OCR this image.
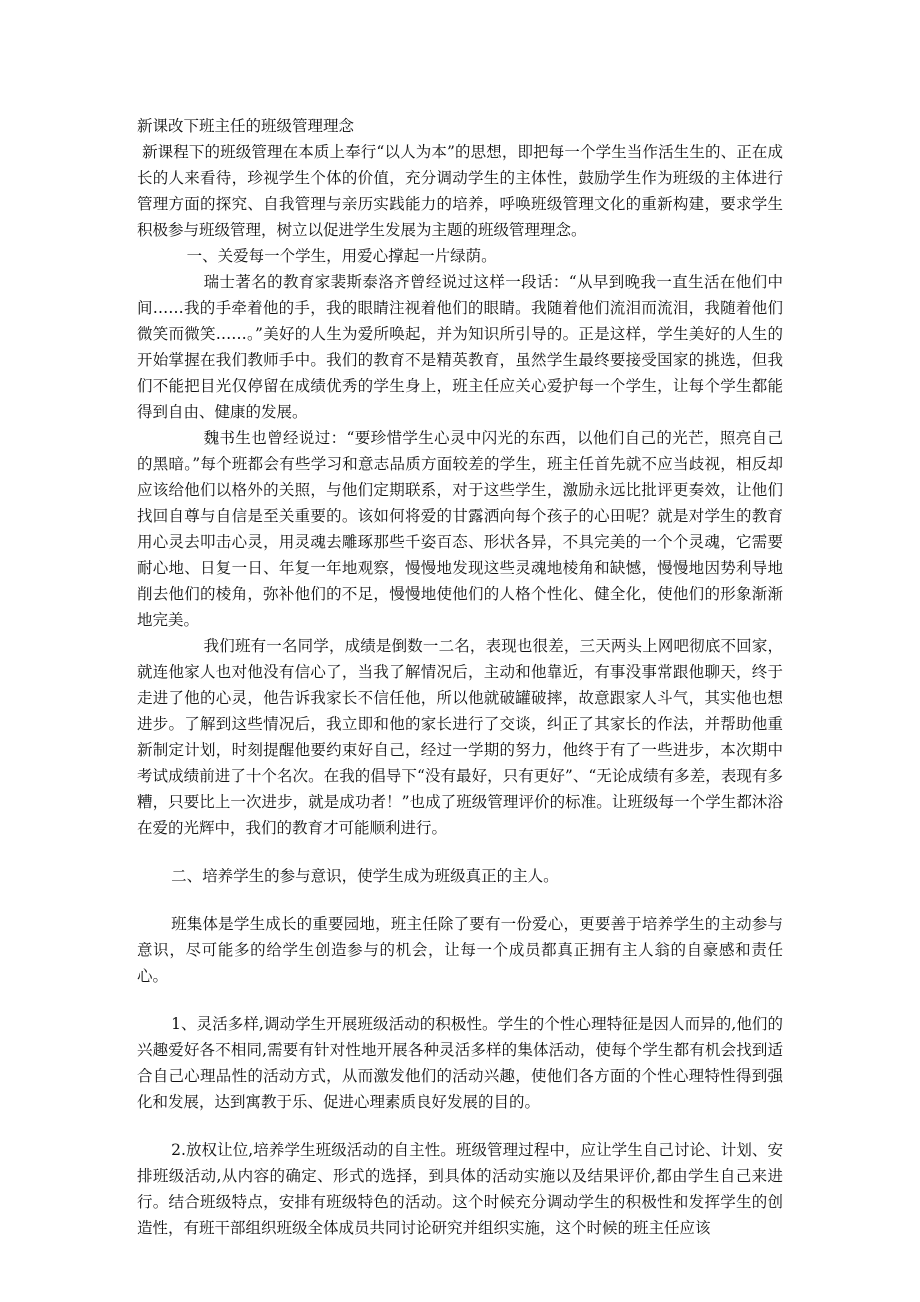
新课改下班主任的班级管理理念

新课程下的班级管理在本质上奉行“以人为本”的思想，即把每一个学生当作活生生的、正在成长的人来看待，珍视学生个体的价值，充分调动学生的主体性，鼓励学生作为班级的主体进行管理方面的探究、自我管理与亲历实践能力的培养，呼唤班级管理文化的重新构建，要求学生积极参与班级管理，树立以促进学生发展为主题的班级管理理念。

一、关爱每一个学生，用爱心撑起一片绿荫。

瑞士著名的教育家裴斯泰洛齐曾经说过这样一段话：“从早到晚我一直生活在他们中间……我的手牵着他的手，我的眼睛注视着他们的眼睛。我随着他们流泪而流泪，我随着他们微笑而微笑……。”美好的人生为爱所唤起，并为知识所引导的。正是这样，学生美好的人生的开始掌握在我们教师手中。我们的教育不是精英教育，虽然学生最终要接受国家的挑选，但我们不能把目光仅停留在成绩优秀的学生身上，班主任应关心爱护每一个学生，让每个学生都能得到自由、健康的发展。

魏书生也曾经说过：“要珍惜学生心灵中闪光的东西，以他们自己的光芒，照亮自己的黑暗。”每个班都会有些学习和意志品质方面较差的学生，班主任首先就不应当歧视，相反却应该给他们以格外的关照，与他们定期联系，对于这些学生，激励永远比批评更奏效，让他们找回自尊与自信是至关重要的。该如何将爱的甘露洒向每个孩子的心田呢？就是对学生的教育用心灵去叩击心灵，用灵魂去雕琢那些千姿百态、形状各异，不具完美的一个个灵魂，它需要耐心地、日复一日、年复一年地观察，慢慢地发现这些灵魂地棱角和缺憾，慢慢地因势利导地削去他们的棱角，弥补他们的不足，慢慢地使他们的人格个性化、健全化，使他们的形象渐渐地完美。

我们班有一名同学，成绩是倒数一二名，表现也很差，三天两头上网吧彻底不回家，就连他家人也对他没有信心了，当我了解情况后，主动和他靠近，有事没事常跟他聊天，终于走进了他的心灵，他告诉我家长不信任他，所以他就破罐破摔，故意跟家人斗气，其实他也想进步。了解到这些情况后，我立即和他的家长进行了交谈，纠正了其家长的作法，并帮助他重新制定计划，时刻提醒他要约束好自己，经过一学期的努力，他终于有了一些进步，本次期中考试成绩前进了十个名次。在我的倡导下“没有最好，只有更好”、“无论成绩有多差，表现有多糟，只要比上一次进步，就是成功者！”也成了班级管理评价的标准。让班级每一个学生都沐浴在爱的光辉中，我们的教育才可能顺利进行。

二、培养学生的参与意识，使学生成为班级真正的主人。

班集体是学生成长的重要园地，班主任除了要有一份爱心，更要善于培养学生的主动参与意识，尽可能多的给学生创造参与的机会，让每一个成员都真正拥有主人翁的自豪感和责任心。

1、灵活多样,调动学生开展班级活动的积极性。学生的个性心理特征是因人而异的,他们的兴趣爱好各不相同,需要有针对性地开展各种灵活多样的集体活动，使每个学生都有机会找到适合自己心理品性的活动方式，从而激发他们的活动兴趣，使他们各方面的个性心理特性得到强化和发展，达到寓教于乐、促进心理素质良好发展的目的。

2.放权让位,培养学生班级活动的自主性。班级管理过程中，应让学生自己讨论、计划、安排班级活动,从内容的确定、形式的选择，到具体的活动实施以及结果评价,都由学生自己来进行。结合班级特点，安排有班级特色的活动。这个时候充分调动学生的积极性和发挥学生的创造性，有班干部组织班级全体成员共同讨论研究并组织实施，这个时候的班主任应该
